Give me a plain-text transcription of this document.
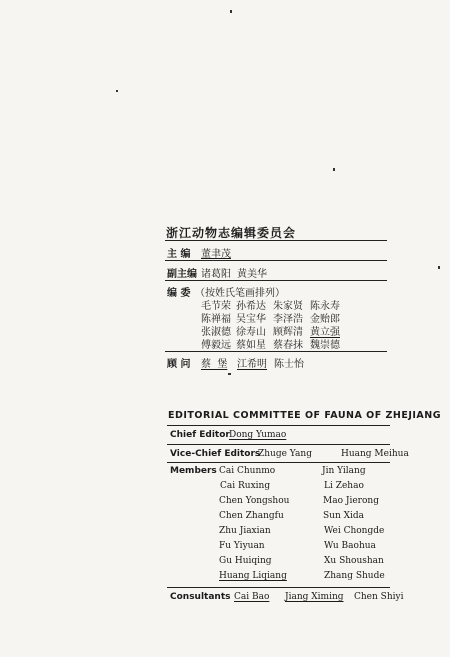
浙江动物志编辑委员会
主 编 董聿茂
副主编 诸葛阳 黄美华
编 委 （按姓氏笔画排列）
毛节荣 孙希达 朱家贤 陈永寿
陈禅福 吴宝华 李泽浩 金贻郎
张淑德 徐寿山 顾辉清 黄立强
傅毅远 蔡如星 蔡春抹 魏崇德
顾 问 蔡  堡 江希明 陈士怡
EDITORIAL COMMITTEE OF FAUNA OF ZHEJIANG
Chief Editor Dong Yumao
Vice-Chief Editors
Zhuge Yang	Huang Meihua
Members Cai Chunmo
Cai Ruxing
Chen Yongshou
Chen Zhangfu
Zhu Jiaxian
Fu Yiyuan
Gu Huiqing
Huang Liqiang
Jin Yilang
Li Zehao
Mao Jierong
Sun Xida
Wei Chongde
Wu Baohua
Xu Shoushan
Zhang Shude
Consultants Cai Bao Jiang Ximing Chen Shiyi
